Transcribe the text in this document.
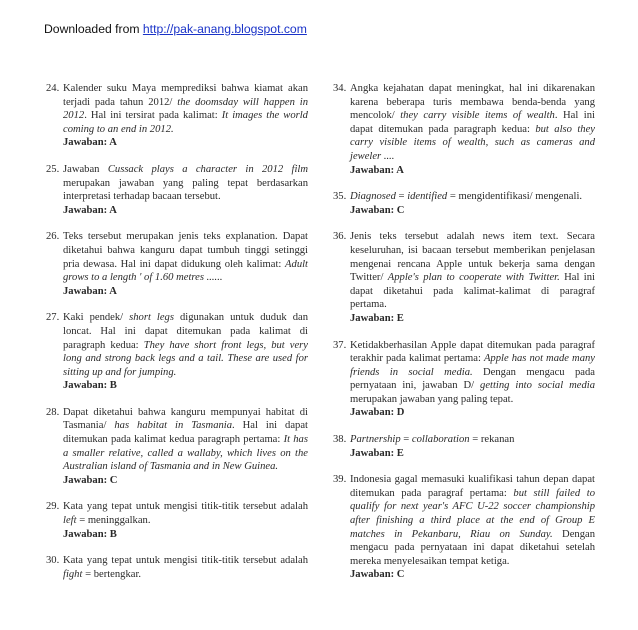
Downloaded from http://pak-anang.blogspot.com
24. Kalender suku Maya memprediksi bahwa kiamat akan terjadi pada tahun 2012/ the doomsday will happen in 2012. Hal ini tersirat pada kalimat: It images the world coming to an end in 2012.
Jawaban: A
25. Jawaban Cussack plays a character in 2012 film merupakan jawaban yang paling tepat berdasarkan interpretasi terhadap bacaan tersebut.
Jawaban: A
26. Teks tersebut merupakan jenis teks explanation. Dapat diketahui bahwa kanguru dapat tumbuh tinggi setinggi pria dewasa. Hal ini dapat didukung oleh kalimat: Adult grows to a length ' of 1.60 metres ......
Jawaban: A
27. Kaki pendek/ short legs digunakan untuk duduk dan loncat. Hal ini dapat ditemukan pada kalimat di paragraph kedua: They have short front legs, but very long and strong back legs and a tail. These are used for sitting up and for jumping.
Jawaban: B
28. Dapat diketahui bahwa kanguru mempunyai habitat di Tasmania/ has habitat in Tasmania. Hal ini dapat ditemukan pada kalimat kedua paragraph pertama: It has a smaller relative, called a wallaby, which lives on the Australian island of Tasmania and in New Guinea.
Jawaban: C
29. Kata yang tepat untuk mengisi titik-titik tersebut adalah left = meninggalkan.
Jawaban: B
30. Kata yang tepat untuk mengisi titik-titik tersebut adalah fight = bertengkar.
34. Angka kejahatan dapat meningkat, hal ini dikarenakan karena beberapa turis membawa benda-benda yang mencolok/ they carry visible items of wealth. Hal ini dapat ditemukan pada paragraph kedua: but also they carry visible items of wealth, such as cameras and jeweler ....
Jawaban: A
35. Diagnosed = identified = mengidentifikasi/ mengenali.
Jawaban: C
36. Jenis teks tersebut adalah news item text. Secara keseluruhan, isi bacaan tersebut memberikan penjelasan mengenai rencana Apple untuk bekerja sama dengan Twitter/ Apple's plan to cooperate with Twitter. Hal ini dapat diketahui pada kalimat-kalimat di paragraf pertama.
Jawaban: E
37. Ketidakberhasilan Apple dapat ditemukan pada paragraf terakhir pada kalimat pertama: Apple has not made many friends in social media. Dengan mengacu pada pernyataan ini, jawaban D/ getting into social media merupakan jawaban yang paling tepat.
Jawaban: D
38. Partnership = collaboration = rekanan
Jawaban: E
39. Indonesia gagal memasuki kualifikasi tahun depan dapat ditemukan pada paragraf pertama: but still failed to qualify for next year's AFC U-22 soccer championship after finishing a third place at the end of Group E matches in Pekanbaru, Riau on Sunday. Dengan mengacu pada pernyataan ini dapat diketahui setelah mereka menyelesaikan tempat ketiga.
Jawaban: C
